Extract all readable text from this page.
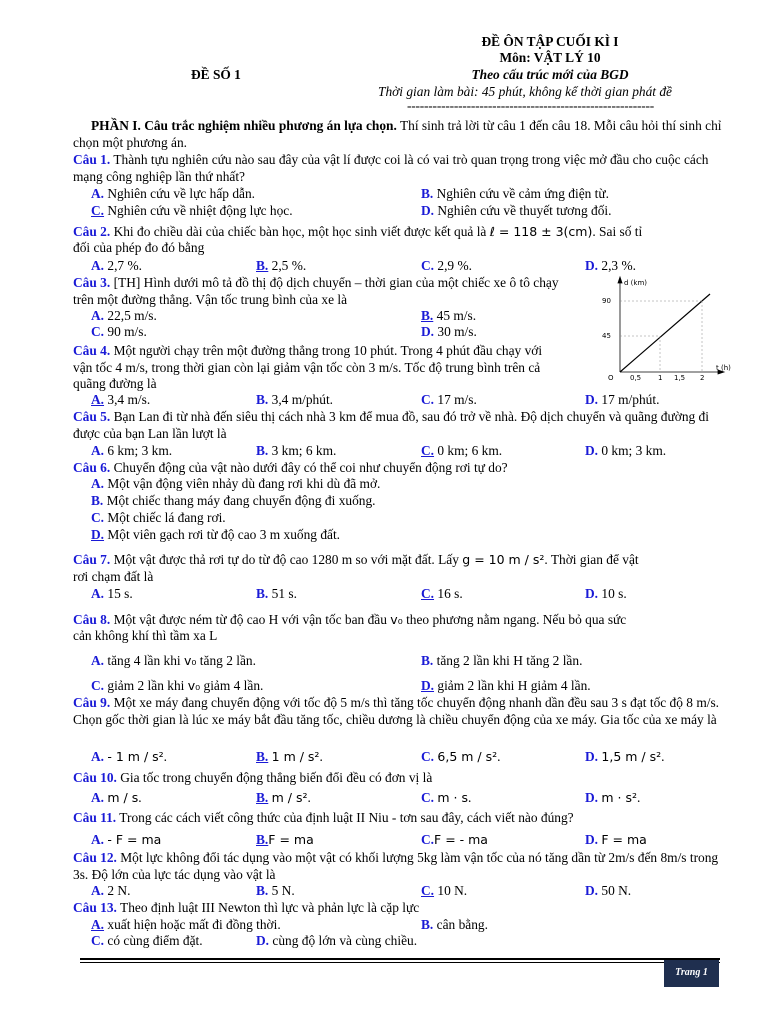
ĐỀ ÔN TẬP CUỐI KÌ I
Môn: VẬT LÝ 10
ĐỀ SỐ 1	Theo cấu trúc mới của BGD
Thời gian làm bài: 45 phút, không kể thời gian phát đề
----------------------------------------------------------
PHẦN I. Câu trắc nghiệm nhiều phương án lựa chọn. Thí sinh trả lời từ câu 1 đến câu 18. Mỗi câu hỏi thí sinh chỉ chọn một phương án.
Câu 1. Thành tựu nghiên cứu nào sau đây của vật lí được coi là có vai trò quan trọng trong việc mở đầu cho cuộc cách mạng công nghiệp lần thứ nhất?
A. Nghiên cứu về lực hấp dẫn.	B. Nghiên cứu về cảm ứng điện từ.
C. Nghiên cứu về nhiệt động lực học.	D. Nghiên cứu về thuyết tương đối.
Câu 2. Khi đo chiều dài của chiếc bàn học, một học sinh viết được kết quả là ℓ = 118 ± 3(cm). Sai số tỉ
đối của phép đo đó bằng
A. 2,7 %.	B. 2,5 %.	C. 2,9 %.	D. 2,3 %.
Câu 3. [TH] Hình dưới mô tả đồ thị độ dịch chuyển – thời gian của một chiếc xe ô tô chạy trên một đường thẳng. Vận tốc trung bình của xe là
A. 22,5 m/s.	B. 45 m/s.
C. 90 m/s.	D. 30 m/s.
d (km)
90
45
O 0,5 1 1,5 2
t (h)
Câu 4. Một người chạy trên một đường thẳng trong 10 phút. Trong 4 phút đầu chạy với vận tốc 4 m/s, trong thời gian còn lại giảm vận tốc còn 3 m/s. Tốc độ trung bình trên cả quãng đường là
A. 3,4 m/s.	B. 3,4 m/phút.	C. 17 m/s.	D. 17 m/phút.
Câu 5. Bạn Lan đi từ nhà đến siêu thị cách nhà 3 km để mua đồ, sau đó trở về nhà. Độ dịch chuyển và quãng đường đi được của bạn Lan lần lượt là
A. 6 km; 3 km.	B. 3 km; 6 km.	C. 0 km; 6 km.	D. 0 km; 3 km.
Câu 6. Chuyển động của vật nào dưới đây có thể coi như chuyển động rơi tự do?
A. Một vận động viên nhảy dù đang rơi khi dù đã mở.
B. Một chiếc thang máy đang chuyển động đi xuống.
C. Một chiếc lá đang rơi.
D. Một viên gạch rơi từ độ cao 3 m xuống đất.
Câu 7. Một vật được thả rơi tự do từ độ cao 1280 m so với mặt đất. Lấy g = 10 m / s². Thời gian để vật
rơi chạm đất là
A. 15 s.	B. 51 s.	C. 16 s.	D. 10 s.
Câu 8. Một vật được ném từ độ cao H với vận tốc ban đầu v₀ theo phương nằm ngang. Nếu bỏ qua sức
cản không khí thì tầm xa L
A. tăng 4 lần khi v₀ tăng 2 lần.	B. tăng 2 lần khi H tăng 2 lần.
C. giảm 2 lần khi v₀ giảm 4 lần.	D. giảm 2 lần khi H giảm 4 lần.
Câu 9. Một xe máy đang chuyển động với tốc độ 5 m/s thì tăng tốc chuyển động nhanh dần đều sau 3 s đạt tốc độ 8 m/s. Chọn gốc thời gian là lúc xe máy bắt đầu tăng tốc, chiều dương là chiều chuyển động của xe máy. Gia tốc của xe máy là
A. - 1 m / s².	B. 1 m / s².	C. 6,5 m / s².	D. 1,5 m / s².
Câu 10. Gia tốc trong chuyển động thẳng biến đổi đều có đơn vị là
A. m / s.	B. m / s².	C. m · s.	D. m · s².
Câu 11. Trong các cách viết công thức của định luật II Niu - tơn sau đây, cách viết nào đúng?
A. - F = ma	B.F = ma	C.F = - ma	D. F = ma
Câu 12. Một lực không đổi tác dụng vào một vật có khối lượng 5kg làm vận tốc của nó tăng dần từ 2m/s đến 8m/s trong 3s. Độ lớn của lực tác dụng vào vật là
A. 2 N.	B. 5 N.	C. 10 N.	D. 50 N.
Câu 13. Theo định luật III Newton thì lực và phản lực là cặp lực
A. xuất hiện hoặc mất đi đồng thời.	B. cân bằng.
C. có cùng điểm đặt.	D. cùng độ lớn và cùng chiều.
Trang 1
